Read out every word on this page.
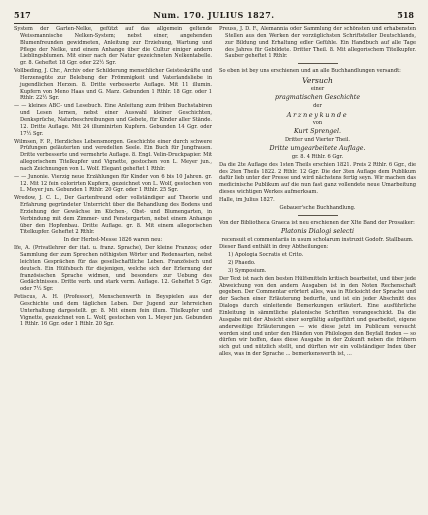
517	Num. 170. JULIUS 1827.	518

System der Garten-Nelke, gefützt auf das allgemein geltende Weissmannische Nelken-System; nebst einer, angehenden Blumenfreunden gewidmeten, Anleitung zur Erziehung, Wartung und Pflege der Nelke, und einem Anhange über die Cultur einiger andern Lieblingsblumen. Mit einer nach der Natur gezeichneten Nelkentabelle. gr. 8. Geheftet 18 Ggr. oder 22½ Sgr.

Vollbeding, J. Chr., Archiv oder Schilderung menschlicher Geisteskräfte und Herzensgüte zur Belebung der Frömmigkeit und Vaterlandsliebe in jugendlichen Herzen. 8. Dritte verbesserte Auflage. Mit 11 illumin. Kupfern von Meno Haas und G. Marz. Gebunden 1 Rthlr. 18 Ggr. oder 1 Rthlr. 22½ Sgr.

— — kleines ABC- und Lesebuch. Eine Anleitung zum frühen Buchstabiren und Lesen lernen, nebst einer Auswahl kleiner Geschichten, Denksprüche, Naturbeschreibungen und Gebete, für Kinder aller Stände. 12. Dritte Auflage. Mit 24 illuminirten Kupfern. Gebunden 14 Ggr. oder 17½ Sgr.

Wilmsen, F. P., Herzliches Lebensmorgen. Geschichte einer durch schwere Prüfungen geläuterten und veredelten Seele. Ein Buch für Jungfrauen. Dritte verbesserte und vermehrte Auflage. 8. Engl. Velin-Druckpapier. Mit allegorischem Titelkupfer und Vignette, gestochen von L. Meyer jun., nach Zeichnungen von L. Wolf. Elegant geheftet 1 Rthlr.

— — Junonie. Vierzig neue Erzählungen für Kinder von 6 bis 10 Jahren. gr. 12. Mit 12 fein colorirten Kupfern, gezeichnet von L. Wolf, gestochen von L. Meyer jun. Gebunden 1 Rthlr. 20 Ggr. oder 1 Rthlr. 25 Sgr.

Wredow, J. C. L., Der Gartenfreund oder vollständiger auf Theorie und Erfahrung gegründeter Unterricht über die Behandlung des Bodens und Erziehung der Gewächse im Küchen-, Obst- und Blumengarten, in Verbindung mit dem Zimmer- und Fenstergarten, nebst einem Anhange über den Hopfenbau. Dritte Auflage. gr. 8. Mit einem allegorischen Titelkupfer. Geheftet 2 Rthlr.

In der Herbst-Messe 1826 waren neu:

Ife, A. (Privatlehrer der itat. u. franz. Sprache), Der kleine Franzos; oder Sammlung der zum Sprechen nöthigsten Wörter und Redensarten, nebst leichten Gesprächen für das gesellschaftliche Leben. Französisch und deutsch. Ein Hülfsbuch für diejenigen, welche sich der Erlernung der französischen Sprache widmen, und besonders zur Uebung des Gedächtnisses. Dritte verb. und stark verm. Auflage. 12. Geheftet 5 Ggr. oder 7½ Sgr.

Petiscus, A. H. (Professor), Menschenwerth in Beyspielen aus der Geschichte und dem täglichen Leben. Der Jugend zur lehrreichen Unterhaltung dargestellt. gr. 8. Mit einem fein illum. Titelkupfer und Vignette, gezeichnet von L. Wolf, gestochen von L. Meyer jun. Gebunden 1 Rthlr. 16 Ggr. oder 1 Rthlr. 20 Sgr.

Preuss, J. D. F., Alemannia oder Sammlung der schönsten und erhabensten Stellen aus den Werken der vorzüglichsten Schriftsteller Deutschlands, zur Bildung und Erhaltung edler Gefühle. Ein Handbuch auf alle Tage des Jahres für Gebildete. Dritter Theil. 8. Mit allegorischem Titelkupfer. Sauber geheftet 1 Rthlr.

So eben ist bey uns erschienen und an alle Buchhandlungen versandt:

Versuch

einer

pragmatischen Geschichte

der

Arzneykunde

von

Kurt Sprengel.

Dritter und Vierter Theil.

Dritte umgearbeitete Auflage.

gr. 8. 4 Rthlr. 6 Ggr.

Da die 2te Auflage des 1sten Theils erschien 1821. Preis 2 Rthlr. 6 Ggr., die des 2ten Theils 1822. 2 Rthlr. 12 Ggr. Die der 3ten Auflage dem Publikum dafür lieb unter der Presse und wird nächstens fertig seyn. Wir machen das medicinische Publikum auf die nun fast ganz vollendete neue Umarbeitung dieses wichtigen Werkes aufmerksam.

Halle, im Julius 1827.

Gebauer'sche Buchhandlung.

Von der Bibliotheca Graeca ist neu erschienen der XIte Band der Prosaiker:

Platonis Dialogi selecti

recensuit et commentariis in usum scholarum instruxit Godofr. Stallbaum.

Dieser Band enthält in drey Abtheilungen:

1) Apologia Socratis et Crito.

2) Phaedo.

3) Symposium.

Der Text ist nach den besten Hülfsmitteln kritisch bearbeitet, und über jede Abweichung von den andern Ausgaben ist in den Noten Rechenschaft gegeben. Der Commentar erörtert alles, was in Rücksicht der Sprache und der Sachen einer Erläuterung bedurfte, und ist ein jeder Abschnitt des Dialogs durch einleitende Bemerkungen erläutert. Eine ausführliche Einleitung in sämmtliche platonische Schriften vorangeschickt. Da die Ausgabe mit der Absicht einer sorgfältig aufgeführt und gearbeitet, eigene anderweitige Erläuterungen — wie diese jetzt im Publicum versucht worden sind und unter den Händen von Philologen den Beyfall finden — so dürfen wir hoffen, dass diese Ausgabe in der Zukunft neben die frühern sich gut und nützlich stellt, und dürften wir ein vollständiger Index über alles, was in der Sprache ... bemerkenswerth ist, ...
